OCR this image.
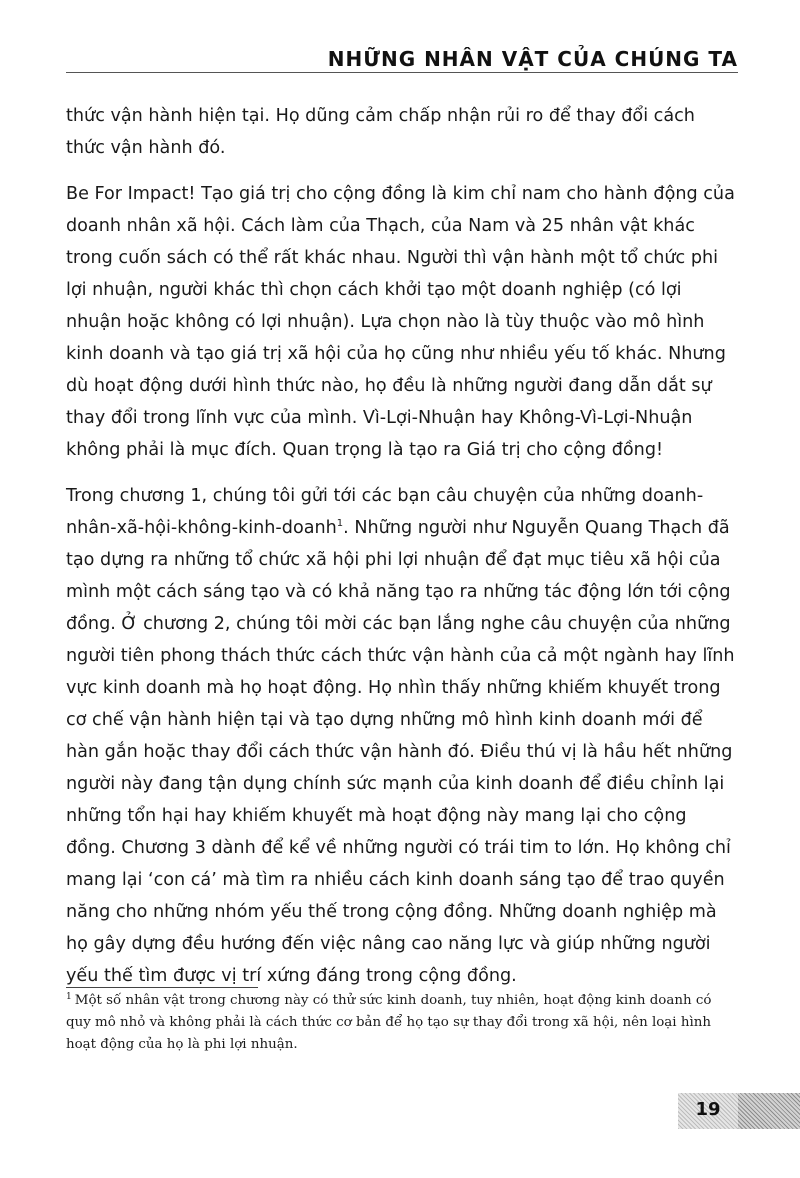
NHỮNG NHÂN VẬT CỦA CHÚNG TA

thức vận hành hiện tại. Họ dũng cảm chấp nhận rủi ro để thay đổi cách thức vận hành đó.

Be For Impact! Tạo giá trị cho cộng đồng là kim chỉ nam cho hành động của doanh nhân xã hội. Cách làm của Thạch, của Nam và 25 nhân vật khác trong cuốn sách có thể rất khác nhau. Người thì vận hành một tổ chức phi lợi nhuận, người khác thì chọn cách khởi tạo một doanh nghiệp (có lợi nhuận hoặc không có lợi nhuận). Lựa chọn nào là tùy thuộc vào mô hình kinh doanh và tạo giá trị xã hội của họ cũng như nhiều yếu tố khác. Nhưng dù hoạt động dưới hình thức nào, họ đều là những người đang dẫn dắt sự thay đổi trong lĩnh vực của mình. Vì-Lợi-Nhuận hay Không-Vì-Lợi-Nhuận không phải là mục đích. Quan trọng là tạo ra Giá trị cho cộng đồng!

Trong chương 1, chúng tôi gửi tới các bạn câu chuyện của những doanh-nhân-xã-hội-không-kinh-doanh$^1$. Những người như Nguyễn Quang Thạch đã tạo dựng ra những tổ chức xã hội phi lợi nhuận để đạt mục tiêu xã hội của mình một cách sáng tạo và có khả năng tạo ra những tác động lớn tới cộng đồng. Ở chương 2, chúng tôi mời các bạn lắng nghe câu chuyện của những người tiên phong thách thức cách thức vận hành của cả một ngành hay lĩnh vực kinh doanh mà họ hoạt động. Họ nhìn thấy những khiếm khuyết trong cơ chế vận hành hiện tại và tạo dựng những mô hình kinh doanh mới để hàn gắn hoặc thay đổi cách thức vận hành đó. Điều thú vị là hầu hết những người này đang tận dụng chính sức mạnh của kinh doanh để điều chỉnh lại những tổn hại hay khiếm khuyết mà hoạt động này mang lại cho cộng đồng. Chương 3 dành để kể về những người có trái tim to lớn. Họ không chỉ mang lại ‘con cá’ mà tìm ra nhiều cách kinh doanh sáng tạo để trao quyền năng cho những nhóm yếu thế trong cộng đồng. Những doanh nghiệp mà họ gây dựng đều hướng đến việc nâng cao năng lực và giúp những người yếu thế tìm được vị trí xứng đáng trong cộng đồng.

$^1$ Một số nhân vật trong chương này có thử sức kinh doanh, tuy nhiên, hoạt động kinh doanh có quy mô nhỏ và không phải là cách thức cơ bản để họ tạo sự thay đổi trong xã hội, nên loại hình hoạt động của họ là phi lợi nhuận.
19
